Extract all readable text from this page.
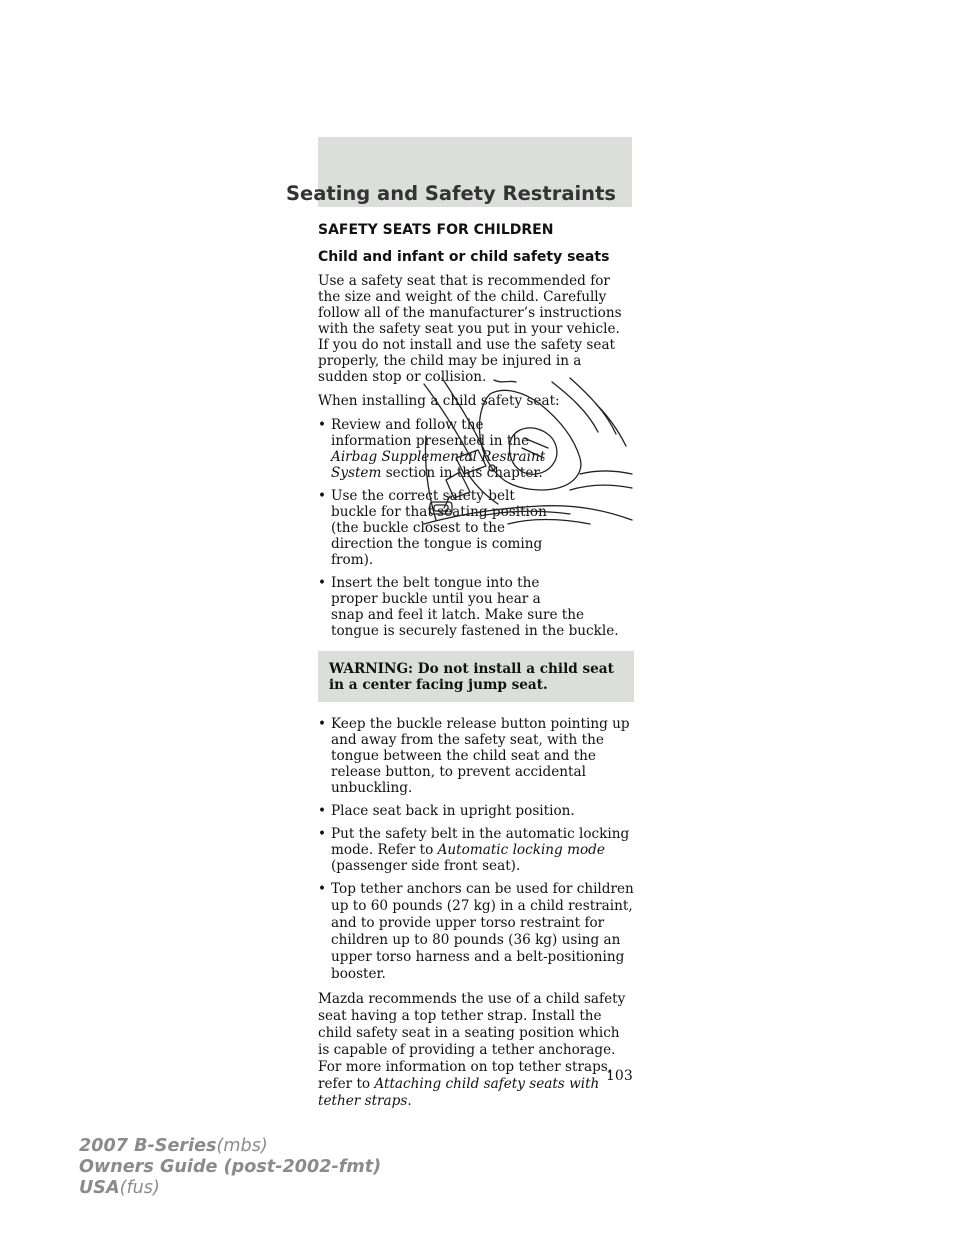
Seating and Safety Restraints
SAFETY SEATS FOR CHILDREN
Child and infant or child safety seats

Use a safety seat that is recommended for the size and weight of the child. Carefully follow all of the manufacturer’s instructions with the safety seat you put in your vehicle. If you do not install and use the safety seat properly, the child may be injured in a sudden stop or collision.

When installing a child safety seat:

• Review and follow the information presented in the Airbag Supplemental Restraint System section in this chapter.
• Use the correct safety belt buckle for that seating position (the buckle closest to the direction the tongue is coming from).
• Insert the belt tongue into the proper buckle until you hear a

snap and feel it latch. Make sure the tongue is securely fastened in the buckle.

WARNING: Do not install a child seat in a center facing jump seat.
• Keep the buckle release button pointing up and away from the safety seat, with the tongue between the child seat and the release button, to prevent accidental unbuckling.
• Place seat back in upright position.
• Put the safety belt in the automatic locking mode. Refer to Automatic locking mode (passenger side front seat).
• Top tether anchors can be used for children up to 60 pounds (27 kg) in a child restraint, and to provide upper torso restraint for children up to 80 pounds (36 kg) using an upper torso harness and a belt-positioning booster.

Mazda recommends the use of a child safety seat having a top tether strap. Install the child safety seat in a seating position which is capable of providing a tether anchorage. For more information on top tether straps, refer to Attaching child safety seats with tether straps.

103
2007 B-Series(mbs)
Owners Guide (post-2002-fmt)
USA(fus)
